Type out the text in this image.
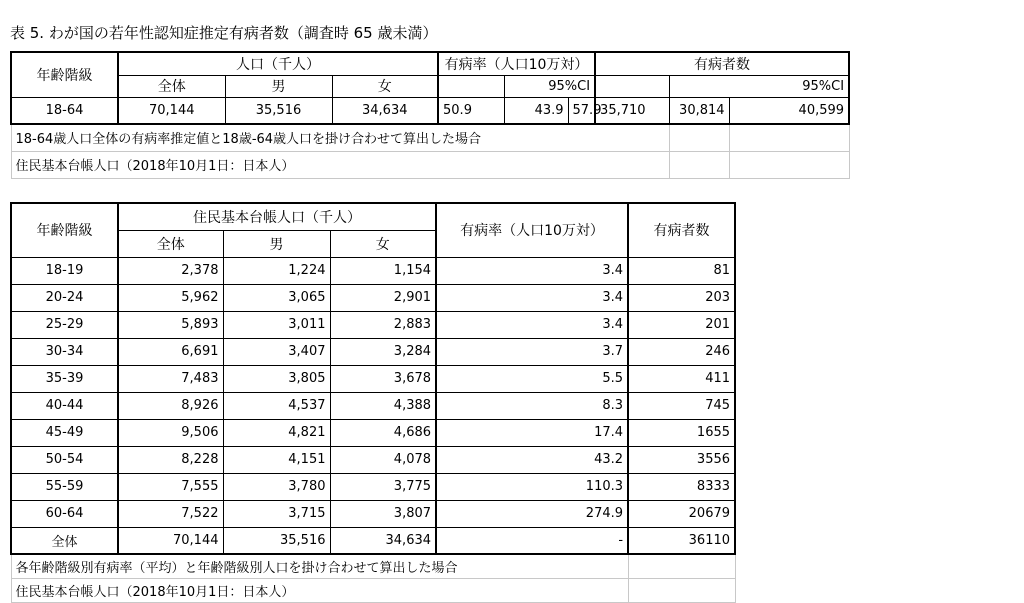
表 5. わが国の若年性認知症推定有病者数（調査時 65 歳未満）
年齢階級	人口（千人）			有病率（人口10万対）			有病者数		
	全体	男	女		95%CI			95%CI	
18-64	70,144	35,516	34,634	50.9	43.9	57.9	35,710	30,814	40,599
18-64歳人口全体の有病率推定値と18歳-64歳人口を掛け合わせて算出した場合									
住民基本台帳人口（2018年10月1日：日本人）									
年齢階級	住民基本台帳人口（千人）			有病率（人口10万対）	有病者数
	全体	男	女		
18-19	2,378	1,224	1,154	3.4	81
20-24	5,962	3,065	2,901	3.4	203
25-29	5,893	3,011	2,883	3.4	201
30-34	6,691	3,407	3,284	3.7	246
35-39	7,483	3,805	3,678	5.5	411
40-44	8,926	4,537	4,388	8.3	745
45-49	9,506	4,821	4,686	17.4	1655
50-54	8,228	4,151	4,078	43.2	3556
55-59	7,555	3,780	3,775	110.3	8333
60-64	7,522	3,715	3,807	274.9	20679
全体	70,144	35,516	34,634	-	36110
各年齢階級別有病率（平均）と年齢階級別人口を掛け合わせて算出した場合					
住民基本台帳人口（2018年10月1日：日本人）					
